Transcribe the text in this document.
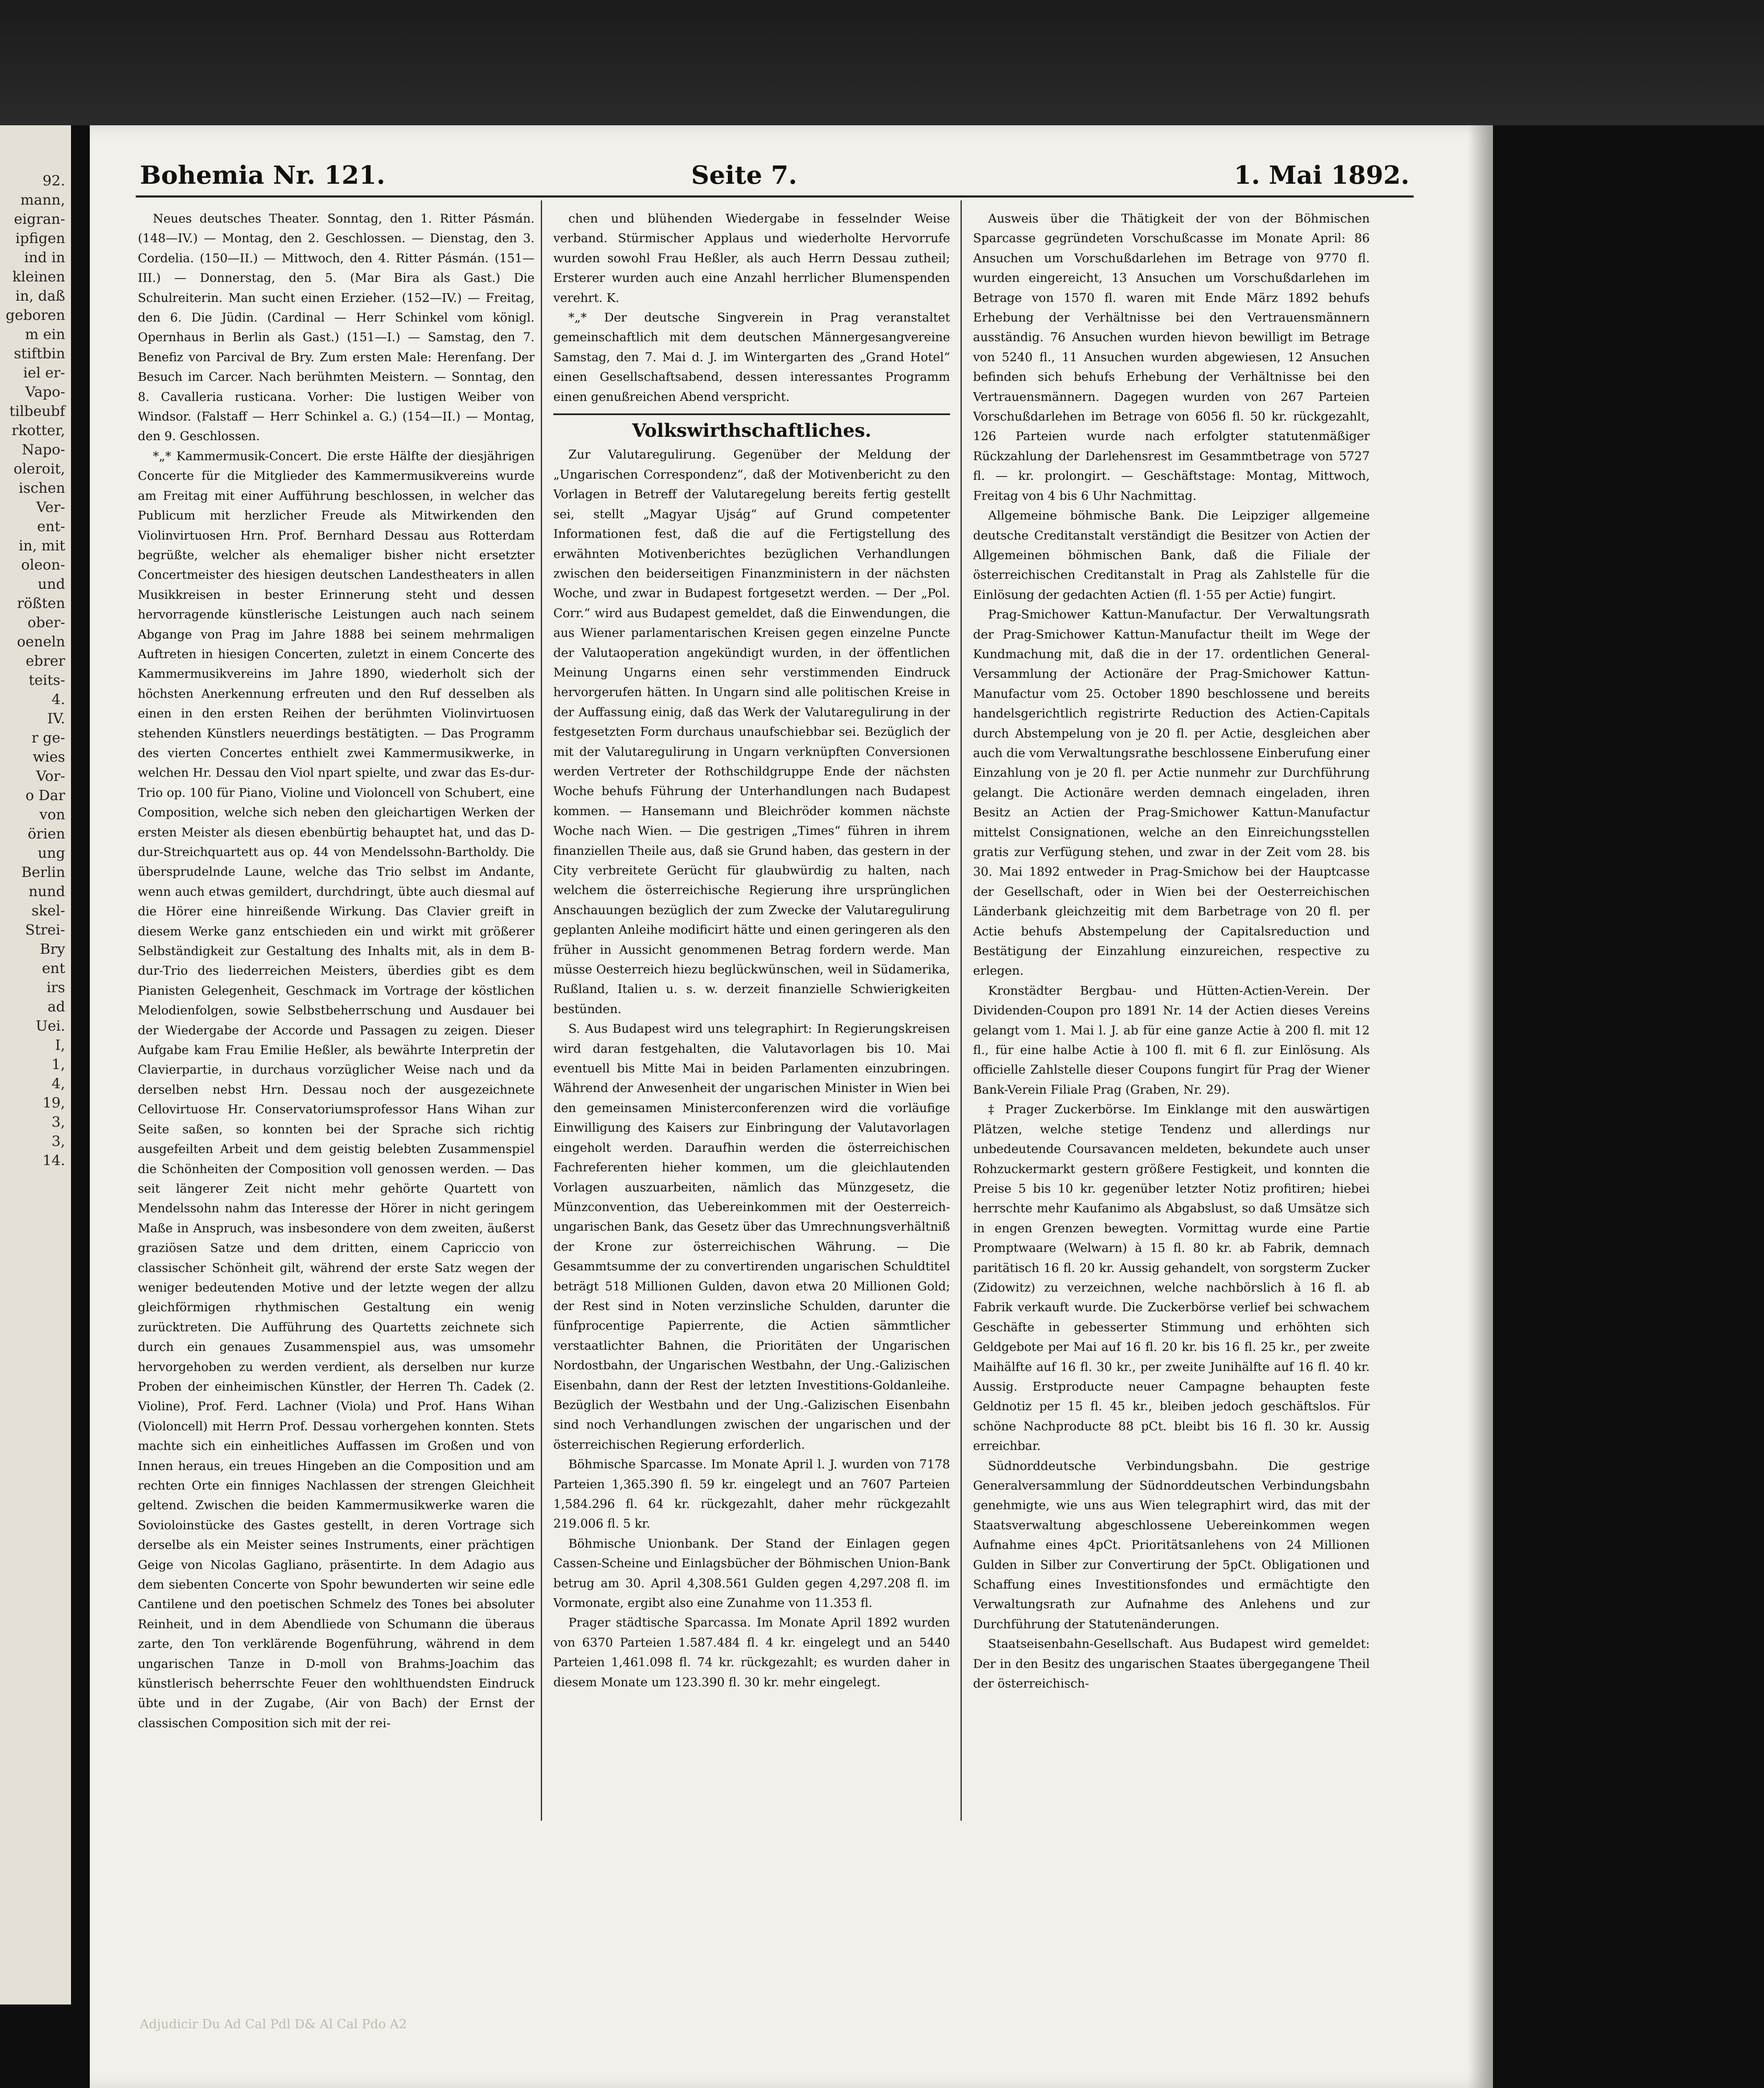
92.
mann,
eigran-
ipfigen
ind in
kleinen
in, daß
geboren
m ein
stiftbin
iel er-
Vapo-
tilbeubf
rkotter,
Napo-
oleroit,
ischen
Ver-
ent-
in, mit
oleon-
und
rößten
ober-
oeneln
ebrer
teits-
4.
IV.
r ge-
wies
Vor-
o Dar
von
örien
ung
Berlin
nund
skel-
Strei-
Bry
ent
irs
ad
Uei.
I,
1,
4,
19,
3,
3,
14.
Bohemia Nr. 121.	Seite 7.	1. Mai 1892.

Neues deutsches Theater. Sonntag, den 1. Ritter Pásmán. (148—IV.) — Montag, den 2. Geschlossen. — Dienstag, den 3. Cordelia. (150—II.) — Mittwoch, den 4. Ritter Pásmán. (151—III.) — Donnerstag, den 5. (Mar Bira als Gast.) Die Schulreiterin. Man sucht einen Erzieher. (152—IV.) — Freitag, den 6. Die Jüdin. (Cardinal — Herr Schinkel vom königl. Opernhaus in Berlin als Gast.) (151—I.) — Samstag, den 7. Benefiz von Parcival de Bry. Zum ersten Male: Herenfang. Der Besuch im Carcer. Nach berühmten Meistern. — Sonntag, den 8. Cavalleria rusticana. Vorher: Die lustigen Weiber von Windsor. (Falstaff — Herr Schinkel a. G.) (154—II.) — Montag, den 9. Geschlossen.

*„* Kammermusik-Concert. Die erste Hälfte der diesjährigen Concerte für die Mitglieder des Kammermusikvereins wurde am Freitag mit einer Aufführung beschlossen, in welcher das Publicum mit herzlicher Freude als Mitwirkenden den Violinvirtuosen Hrn. Prof. Bernhard Dessau aus Rotterdam begrüßte, welcher als ehemaliger bisher nicht ersetzter Concertmeister des hiesigen deutschen Landestheaters in allen Musikkreisen in bester Erinnerung steht und dessen hervorragende künstlerische Leistungen auch nach seinem Abgange von Prag im Jahre 1888 bei seinem mehrmaligen Auftreten in hiesigen Concerten, zuletzt in einem Concerte des Kammermusikvereins im Jahre 1890, wiederholt sich der höchsten Anerkennung erfreuten und den Ruf desselben als einen in den ersten Reihen der berühmten Violinvirtuosen stehenden Künstlers neuerdings bestätigten. — Das Programm des vierten Concertes enthielt zwei Kammermusikwerke, in welchen Hr. Dessau den Viol npart spielte, und zwar das Es-dur-Trio op. 100 für Piano, Violine und Violoncell von Schubert, eine Composition, welche sich neben den gleichartigen Werken der ersten Meister als diesen ebenbürtig behauptet hat, und das D-dur-Streichquartett aus op. 44 von Mendelssohn-Bartholdy. Die übersprudelnde Laune, welche das Trio selbst im Andante, wenn auch etwas gemildert, durchdringt, übte auch diesmal auf die Hörer eine hinreißende Wirkung. Das Clavier greift in diesem Werke ganz entschieden ein und wirkt mit größerer Selbständigkeit zur Gestaltung des Inhalts mit, als in dem B-dur-Trio des liederreichen Meisters, überdies gibt es dem Pianisten Gelegenheit, Geschmack im Vortrage der köstlichen Melodienfolgen, sowie Selbstbeherrschung und Ausdauer bei der Wiedergabe der Accorde und Passagen zu zeigen. Dieser Aufgabe kam Frau Emilie Heßler, als bewährte Interpretin der Clavierpartie, in durchaus vorzüglicher Weise nach und da derselben nebst Hrn. Dessau noch der ausgezeichnete Cellovirtuose Hr. Conservatoriumsprofessor Hans Wihan zur Seite saßen, so konnten bei der Sprache sich richtig ausgefeilten Arbeit und dem geistig belebten Zusammenspiel die Schönheiten der Composition voll genossen werden. — Das seit längerer Zeit nicht mehr gehörte Quartett von Mendelssohn nahm das Interesse der Hörer in nicht geringem Maße in Anspruch, was insbesondere von dem zweiten, äußerst graziösen Satze und dem dritten, einem Capriccio von classischer Schönheit gilt, während der erste Satz wegen der weniger bedeutenden Motive und der letzte wegen der allzu gleichförmigen rhythmischen Gestaltung ein wenig zurücktreten. Die Aufführung des Quartetts zeichnete sich durch ein genaues Zusammenspiel aus, was umsomehr hervorgehoben zu werden verdient, als derselben nur kurze Proben der einheimischen Künstler, der Herren Th. Cadek (2. Violine), Prof. Ferd. Lachner (Viola) und Prof. Hans Wihan (Violoncell) mit Herrn Prof. Dessau vorhergehen konnten. Stets machte sich ein einheitliches Auffassen im Großen und von Innen heraus, ein treues Hingeben an die Composition und am rechten Orte ein finniges Nachlassen der strengen Gleichheit geltend. Zwischen die beiden Kammermusikwerke waren die Sovioloinstücke des Gastes gestellt, in deren Vortrage sich derselbe als ein Meister seines Instruments, einer prächtigen Geige von Nicolas Gagliano, präsentirte. In dem Adagio aus dem siebenten Concerte von Spohr bewunderten wir seine edle Cantilene und den poetischen Schmelz des Tones bei absoluter Reinheit, und in dem Abendliede von Schumann die überaus zarte, den Ton verklärende Bogenführung, während in dem ungarischen Tanze in D-moll von Brahms-Joachim das künstlerisch beherrschte Feuer den wohlthuendsten Eindruck übte und in der Zugabe, (Air von Bach) der Ernst der classischen Composition sich mit der rei-

chen und blühenden Wiedergabe in fesselnder Weise verband. Stürmischer Applaus und wiederholte Hervorrufe wurden sowohl Frau Heßler, als auch Herrn Dessau zutheil; Ersterer wurden auch eine Anzahl herrlicher Blumenspenden verehrt. K.

*„* Der deutsche Singverein in Prag veranstaltet gemeinschaftlich mit dem deutschen Männergesangvereine Samstag, den 7. Mai d. J. im Wintergarten des „Grand Hotel“ einen Gesellschaftsabend, dessen interessantes Programm einen genußreichen Abend verspricht.

Volkswirthschaftliches.

Zur Valutaregulirung. Gegenüber der Meldung der „Ungarischen Correspondenz“, daß der Motivenbericht zu den Vorlagen in Betreff der Valutaregelung bereits fertig gestellt sei, stellt „Magyar Ujság“ auf Grund competenter Informationen fest, daß die auf die Fertigstellung des erwähnten Motivenberichtes bezüglichen Verhandlungen zwischen den beiderseitigen Finanzministern in der nächsten Woche, und zwar in Budapest fortgesetzt werden. — Der „Pol. Corr.“ wird aus Budapest gemeldet, daß die Einwendungen, die aus Wiener parlamentarischen Kreisen gegen einzelne Puncte der Valutaoperation angekündigt wurden, in der öffentlichen Meinung Ungarns einen sehr verstimmenden Eindruck hervorgerufen hätten. In Ungarn sind alle politischen Kreise in der Auffassung einig, daß das Werk der Valutaregulirung in der festgesetzten Form durchaus unaufschiebbar sei. Bezüglich der mit der Valutaregulirung in Ungarn verknüpften Conversionen werden Vertreter der Rothschildgruppe Ende der nächsten Woche behufs Führung der Unterhandlungen nach Budapest kommen. — Hansemann und Bleichröder kommen nächste Woche nach Wien. — Die gestrigen „Times“ führen in ihrem finanziellen Theile aus, daß sie Grund haben, das gestern in der City verbreitete Gerücht für glaubwürdig zu halten, nach welchem die österreichische Regierung ihre ursprünglichen Anschauungen bezüglich der zum Zwecke der Valutaregulirung geplanten Anleihe modificirt hätte und einen geringeren als den früher in Aussicht genommenen Betrag fordern werde. Man müsse Oesterreich hiezu beglückwünschen, weil in Südamerika, Rußland, Italien u. s. w. derzeit finanzielle Schwierigkeiten bestünden.

S. Aus Budapest wird uns telegraphirt: In Regierungskreisen wird daran festgehalten, die Valutavorlagen bis 10. Mai eventuell bis Mitte Mai in beiden Parlamenten einzubringen. Während der Anwesenheit der ungarischen Minister in Wien bei den gemeinsamen Ministerconferenzen wird die vorläufige Einwilligung des Kaisers zur Einbringung der Valutavorlagen eingeholt werden. Daraufhin werden die österreichischen Fachreferenten hieher kommen, um die gleichlautenden Vorlagen auszuarbeiten, nämlich das Münzgesetz, die Münzconvention, das Uebereinkommen mit der Oesterreich-ungarischen Bank, das Gesetz über das Umrechnungsverhältniß der Krone zur österreichischen Währung. — Die Gesammtsumme der zu convertirenden ungarischen Schuldtitel beträgt 518 Millionen Gulden, davon etwa 20 Millionen Gold; der Rest sind in Noten verzinsliche Schulden, darunter die fünfprocentige Papierrente, die Actien sämmtlicher verstaatlichter Bahnen, die Prioritäten der Ungarischen Nordostbahn, der Ungarischen Westbahn, der Ung.-Galizischen Eisenbahn, dann der Rest der letzten Investitions-Goldanleihe. Bezüglich der Westbahn und der Ung.-Galizischen Eisenbahn sind noch Verhandlungen zwischen der ungarischen und der österreichischen Regierung erforderlich.

Böhmische Sparcasse. Im Monate April l. J. wurden von 7178 Parteien 1,365.390 fl. 59 kr. eingelegt und an 7607 Parteien 1,584.296 fl. 64 kr. rückgezahlt, daher mehr rückgezahlt 219.006 fl. 5 kr.

Böhmische Unionbank. Der Stand der Einlagen gegen Cassen-Scheine und Einlagsbücher der Böhmischen Union-Bank betrug am 30. April 4,308.561 Gulden gegen 4,297.208 fl. im Vormonate, ergibt also eine Zunahme von 11.353 fl.

Prager städtische Sparcassa. Im Monate April 1892 wurden von 6370 Parteien 1.587.484 fl. 4 kr. eingelegt und an 5440 Parteien 1,461.098 fl. 74 kr. rückgezahlt; es wurden daher in diesem Monate um 123.390 fl. 30 kr. mehr eingelegt.

Ausweis über die Thätigkeit der von der Böhmischen Sparcasse gegründeten Vorschußcasse im Monate April: 86 Ansuchen um Vorschußdarlehen im Betrage von 9770 fl. wurden eingereicht, 13 Ansuchen um Vorschußdarlehen im Betrage von 1570 fl. waren mit Ende März 1892 behufs Erhebung der Verhältnisse bei den Vertrauensmännern ausständig. 76 Ansuchen wurden hievon bewilligt im Betrage von 5240 fl., 11 Ansuchen wurden abgewiesen, 12 Ansuchen befinden sich behufs Erhebung der Verhältnisse bei den Vertrauensmännern. Dagegen wurden von 267 Parteien Vorschußdarlehen im Betrage von 6056 fl. 50 kr. rückgezahlt, 126 Parteien wurde nach erfolgter statutenmäßiger Rückzahlung der Darlehensrest im Gesammtbetrage von 5727 fl. — kr. prolongirt. — Geschäftstage: Montag, Mittwoch, Freitag von 4 bis 6 Uhr Nachmittag.

Allgemeine böhmische Bank. Die Leipziger allgemeine deutsche Creditanstalt verständigt die Besitzer von Actien der Allgemeinen böhmischen Bank, daß die Filiale der österreichischen Creditanstalt in Prag als Zahlstelle für die Einlösung der gedachten Actien (fl. 1·55 per Actie) fungirt.

Prag-Smichower Kattun-Manufactur. Der Verwaltungsrath der Prag-Smichower Kattun-Manufactur theilt im Wege der Kundmachung mit, daß die in der 17. ordentlichen General-Versammlung der Actionäre der Prag-Smichower Kattun-Manufactur vom 25. October 1890 beschlossene und bereits handelsgerichtlich registrirte Reduction des Actien-Capitals durch Abstempelung von je 20 fl. per Actie, desgleichen aber auch die vom Verwaltungsrathe beschlossene Einberufung einer Einzahlung von je 20 fl. per Actie nunmehr zur Durchführung gelangt. Die Actionäre werden demnach eingeladen, ihren Besitz an Actien der Prag-Smichower Kattun-Manufactur mittelst Consignationen, welche an den Einreichungsstellen gratis zur Verfügung stehen, und zwar in der Zeit vom 28. bis 30. Mai 1892 entweder in Prag-Smichow bei der Hauptcasse der Gesellschaft, oder in Wien bei der Oesterreichischen Länderbank gleichzeitig mit dem Barbetrage von 20 fl. per Actie behufs Abstempelung der Capitalsreduction und Bestätigung der Einzahlung einzureichen, respective zu erlegen.

Kronstädter Bergbau- und Hütten-Actien-Verein. Der Dividenden-Coupon pro 1891 Nr. 14 der Actien dieses Vereins gelangt vom 1. Mai l. J. ab für eine ganze Actie à 200 fl. mit 12 fl., für eine halbe Actie à 100 fl. mit 6 fl. zur Einlösung. Als officielle Zahlstelle dieser Coupons fungirt für Prag der Wiener Bank-Verein Filiale Prag (Graben, Nr. 29).

‡ Prager Zuckerbörse. Im Einklange mit den auswärtigen Plätzen, welche stetige Tendenz und allerdings nur unbedeutende Coursavancen meldeten, bekundete auch unser Rohzuckermarkt gestern größere Festigkeit, und konnten die Preise 5 bis 10 kr. gegenüber letzter Notiz profitiren; hiebei herrschte mehr Kaufanimo als Abgabslust, so daß Umsätze sich in engen Grenzen bewegten. Vormittag wurde eine Partie Promptwaare (Welwarn) à 15 fl. 80 kr. ab Fabrik, demnach paritätisch 16 fl. 20 kr. Aussig gehandelt, von sorgsterm Zucker (Zidowitz) zu verzeichnen, welche nachbörslich à 16 fl. ab Fabrik verkauft wurde. Die Zuckerbörse verlief bei schwachem Geschäfte in gebesserter Stimmung und erhöhten sich Geldgebote per Mai auf 16 fl. 20 kr. bis 16 fl. 25 kr., per zweite Maihälfte auf 16 fl. 30 kr., per zweite Junihälfte auf 16 fl. 40 kr. Aussig. Erstproducte neuer Campagne behaupten feste Geldnotiz per 15 fl. 45 kr., bleiben jedoch geschäftslos. Für schöne Nachproducte 88 pCt. bleibt bis 16 fl. 30 kr. Aussig erreichbar.

Südnorddeutsche Verbindungsbahn. Die gestrige Generalversammlung der Südnorddeutschen Verbindungsbahn genehmigte, wie uns aus Wien telegraphirt wird, das mit der Staatsverwaltung abgeschlossene Uebereinkommen wegen Aufnahme eines 4pCt. Prioritätsanlehens von 24 Millionen Gulden in Silber zur Convertirung der 5pCt. Obligationen und Schaffung eines Investitionsfondes und ermächtigte den Verwaltungsrath zur Aufnahme des Anlehens und zur Durchführung der Statutenänderungen.

Staatseisenbahn-Gesellschaft. Aus Budapest wird gemeldet: Der in den Besitz des ungarischen Staates übergegangene Theil der österreichisch-

Adjudicir Du Ad Cal Pdl D& Al Cal Pdo A2
